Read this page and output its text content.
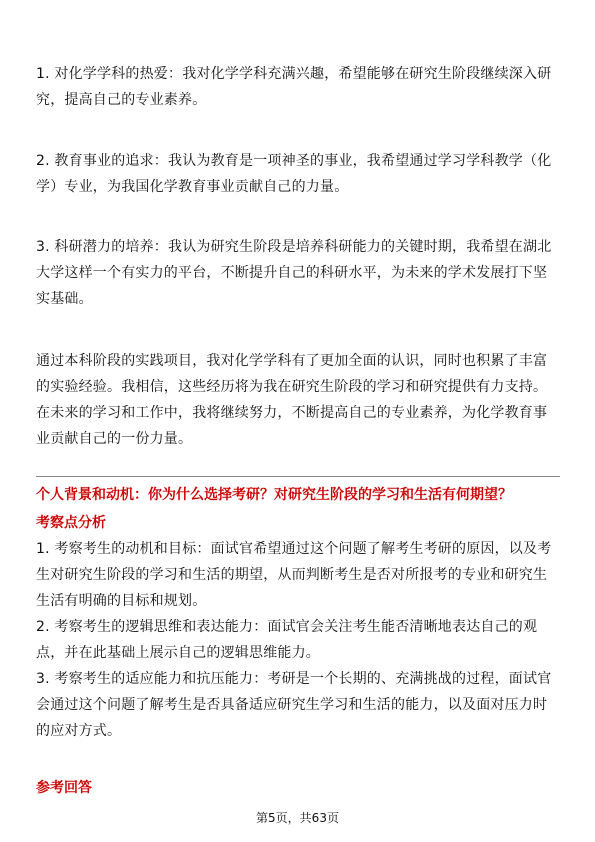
1. 对化学学科的热爱：我对化学学科充满兴趣，希望能够在研究生阶段继续深入研究，提高自己的专业素养。
2. 教育事业的追求：我认为教育是一项神圣的事业，我希望通过学习学科教学（化学）专业，为我国化学教育事业贡献自己的力量。
3. 科研潜力的培养：我认为研究生阶段是培养科研能力的关键时期，我希望在湖北大学这样一个有实力的平台，不断提升自己的科研水平，为未来的学术发展打下坚实基础。
通过本科阶段的实践项目，我对化学学科有了更加全面的认识，同时也积累了丰富的实验经验。我相信，这些经历将为我在研究生阶段的学习和研究提供有力支持。在未来的学习和工作中，我将继续努力，不断提高自己的专业素养，为化学教育事业贡献自己的一份力量。
个人背景和动机：你为什么选择考研？对研究生阶段的学习和生活有何期望？
考察点分析
1. 考察考生的动机和目标：面试官希望通过这个问题了解考生考研的原因，以及考生对研究生阶段的学习和生活的期望，从而判断考生是否对所报考的专业和研究生生活有明确的目标和规划。
2. 考察考生的逻辑思维和表达能力：面试官会关注考生能否清晰地表达自己的观点，并在此基础上展示自己的逻辑思维能力。
3. 考察考生的适应能力和抗压能力：考研是一个长期的、充满挑战的过程，面试官会通过这个问题了解考生是否具备适应研究生学习和生活的能力，以及面对压力时的应对方式。
参考回答
第5页，共63页
